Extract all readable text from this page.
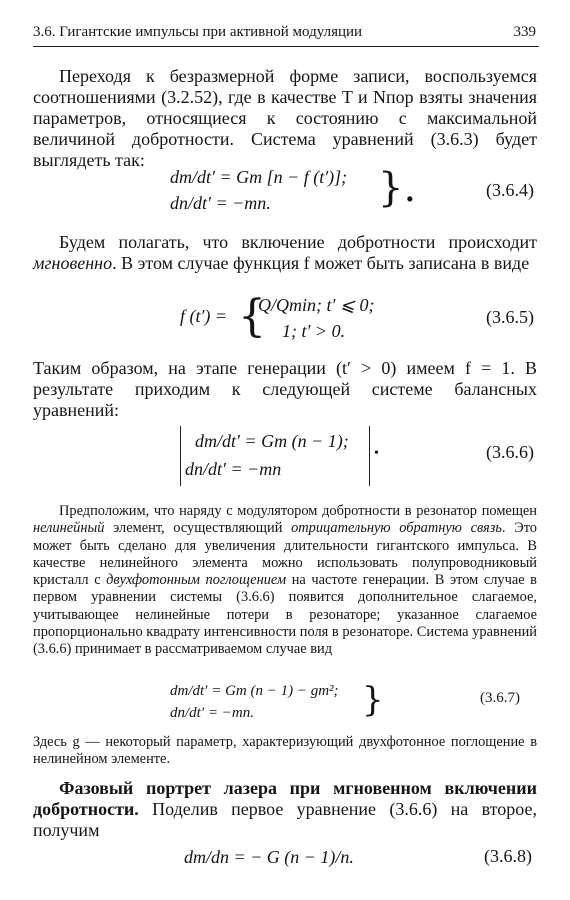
3.6. Гигантские импульсы при активной модуляции	339
Переходя к безразмерной форме записи, воспользуемся соотношениями (3.2.52), где в качестве T и Nпор взяты значения параметров, относящиеся к состоянию с максимальной величиной добротности. Система уравнений (3.6.3) будет выглядеть так:
dm/dt′ = Gm [n − f (t′)];
dn/dt′ = −mn.	}.	(3.6.4)
Будем полагать, что включение добротности происходит мгновенно. В этом случае функция f может быть записана в виде
f (t′) = {
Q/Qmin; t′ ⩽ 0;
1; t′ > 0.
(3.6.5)
Таким образом, на этапе генерации (t′ > 0) имеем f = 1. В результате приходим к следующей системе балансных уравнений:
dm/dt′ = Gm (n − 1);
dn/dt′ = −mn
•	(3.6.6)
Предположим, что наряду с модулятором добротности в резонатор помещен нелинейный элемент, осуществляющий отрицательную обратную связь. Это может быть сделано для увеличения длительности гигантского импульса. В качестве нелинейного элемента можно использовать полупроводниковый кристалл с двухфотонным поглощением на частоте генерации. В этом случае в первом уравнении системы (3.6.6) появится дополнительное слагаемое, учитывающее нелинейные потери в резонаторе; указанное слагаемое пропорционально квадрату интенсивности поля в резонаторе. Система уравнений (3.6.6) принимает в рассматриваемом случае вид
dm/dt′ = Gm (n − 1) − gm²;
dn/dt′ = −mn.	}	(3.6.7)
Здесь g — некоторый параметр, характеризующий двухфотонное поглощение в нелинейном элементе.
Фазовый портрет лазера при мгновенном включении добротности. Поделив первое уравнение (3.6.6) на второе, получим
dm/dn = − G (n − 1)/n.	(3.6.8)
